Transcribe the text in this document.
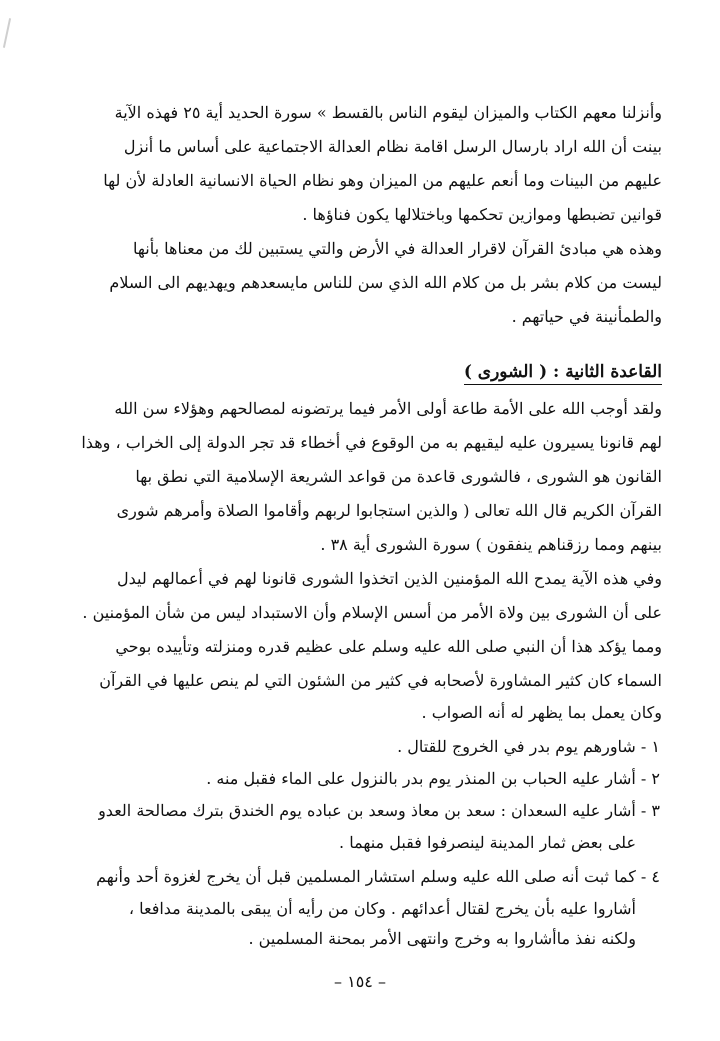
وأنزلنا معهم الكتاب والميزان ليقوم الناس بالقسط » سورة الحديد أية ٢٥ فهذه الآية
بينت أن الله اراد بارسال الرسل اقامة نظام العدالة الاجتماعية على أساس ما أنزل
عليهم من البينات وما أنعم عليهم من الميزان وهو نظام الحياة الانسانية العادلة لأن لها
قوانين تضبطها وموازين تحكمها وباختلالها يكون فناؤها .
وهذه هي مبادئ القرآن لاقرار العدالة في الأرض والتي يستبين لك من معناها بأنها
ليست من كلام بشر بل من كلام الله الذي سن للناس مايسعدهم ويهديهم الى السلام
والطمأنينة في حياتهم .
القاعدة الثانية : ( الشورى )
ولقد أوجب الله على الأمة طاعة أولى الأمر فيما يرتضونه لمصالحهم وهؤلاء سن الله
لهم قانونا يسيرون عليه ليقيهم به من الوقوع في أخطاء قد تجر الدولة إلى الخراب ، وهذا
القانون هو الشورى ، فالشورى قاعدة من قواعد الشريعة الإسلامية التي نطق بها
القرآن الكريم قال الله تعالى ( والذين استجابوا لربهم وأقاموا الصلاة وأمرهم شورى
بينهم ومما رزقناهم ينفقون ) سورة الشورى أية ٣٨ .
وفي هذه الآية يمدح الله المؤمنين الذين اتخذوا الشورى قانونا لهم في أعمالهم ليدل
على أن الشورى بين ولاة الأمر من أسس الإسلام وأن الاستبداد ليس من شأن المؤمنين .
ومما يؤكد هذا أن النبي صلى الله عليه وسلم على عظيم قدره ومنزلته وتأييده بوحي
السماء كان كثير المشاورة لأصحابه في كثير من الشئون التي لم ينص عليها في القرآن
وكان يعمل بما يظهر له أنه الصواب .
١ - شاورهم يوم بدر في الخروج للقتال .
٢ - أشار عليه الحباب بن المنذر يوم بدر بالنزول على الماء فقبل منه .
٣ - أشار عليه السعدان : سعد بن معاذ وسعد بن عباده يوم الخندق بترك مصالحة العدو
على بعض ثمار المدينة لينصرفوا فقبل منهما .
٤ - كما ثبت أنه صلى الله عليه وسلم استشار المسلمين قبل أن يخرج لغزوة أحد وأنهم
أشاروا عليه بأن يخرج لقتال أعدائهم . وكان من رأيه أن يبقى بالمدينة مدافعا ،
ولكنه نفذ ماأشاروا به وخرج وانتهى الأمر بمحنة المسلمين .
– ١٥٤ –
